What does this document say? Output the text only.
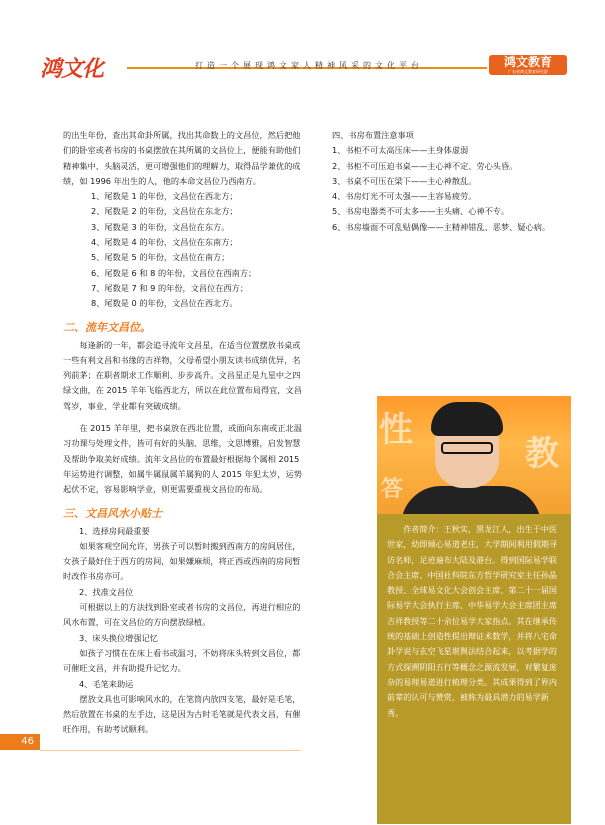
鸿文化	打造一个展现鸿文家人精神风采的文化平台	鸿文教育
广东省鸿文教育研究院

的出生年份，查出其命卦所属，找出其命数上的文昌位，然后把他们的卧室或者书房的书桌摆放在其所属的文昌位上，便能有助他们精神集中、头脑灵活，更可增强他们的理解力，取得品学兼优的成绩，如 1996 年出生的人，他的本命文昌位乃西南方。

1、尾数是 1 的年份，文昌位在西北方；

2、尾数是 2 的年份，文昌位在东北方；

3、尾数是 3 的年份，文昌位在东方。

4、尾数是 4 的年份，文昌位在东南方；

5、尾数是 5 的年份，文昌位在南方；

6、尾数是 6 和 8 的年份，文昌位在西南方；

7、尾数是 7 和 9 的年份，文昌位在西方；

8、尾数是 0 的年份，文昌位在西北方。

二、流年文昌位。

每逢新的一年，都会追寻流年文昌星，在适当位置摆放书桌或一些有利文昌和书缘的吉祥物，父母希望小朋友读书成绩优异，名列前茅；在职者期求工作顺利、步步高升。文昌星正是九星中之四绿文曲，在 2015 羊年飞临西北方，所以在此位置布局得宜，文昌驾岁，事业、学业都有突破成绩。

在 2015 羊年里，把书桌放在西北位置，或面向东南或正北温习功课与处理文件，皆可有好的头脑、思维，文思博雅，启发智慧及帮助争取美好成绩。流年文昌位的布置最好根据每个属相 2015 年运势进行调整，如属牛属鼠属羊属狗的人 2015 年犯太岁，运势起伏不定，容易影响学业，则更需要重视文昌位的布局。

三、文昌风水小贴士

1、选择房间最重要

如果客观空间允许，男孩子可以暂时搬到西南方的房间居住，女孩子最好住于西方的房间，如果嫌麻烦，将正西或西南的房间暂时改作书房亦可。

2、找准文昌位

可根据以上的方法找到卧室或者书房的文昌位，再进行相应的风水布置，可在文昌位的方向摆放绿植。

3、床头换位增强记忆

如孩子习惯在在床上看书或温习，不妨将床头转到文昌位，都可催旺文昌，并有助提升记忆力。

4、毛笔来助运

摆放文具也可影响风水的，在笔筒内放四支笔，最好是毛笔，然后放置在书桌的左手边，这是因为古时毛笔就是代表文昌，有催旺作用，有助考试顺利。

四、书房布置注意事项

1、书柜不可太高压床——主身体虚弱

2、书柜不可压迫书桌——主心神不定、劳心头昏。

3、书桌不可压在梁下——主心神散乱。

4、书房灯光不可太强——主容易疲劳。

5、书房电器类不可太多——主头痛、心神不专。

6、书房墙面不可乱贴偶像——主精神错乱、恶梦、疑心病。

性
教
答

作者简介：王秋实，黑龙江人，出生于中医世家，幼即倾心易道老庄，大学期间利用假期寻访名师，足迹遍布大陆及港台。得到国际易学联合会主席、中国社科院东方哲学研究室主任孙晶教授、全球易文化大会创会主席、第二十一届国际易学大会执行主席、中华易学大会主席团主席吉祥教授等二十余位易学大家指点。其在继承传统的基础上创造性提出辩证术数学，并将八宅命卦学说与玄空飞星堪舆法结合起来，以考据学的方式探溯阴阳五行等概念之源流发展，对繁复庞杂的易理易道进行梳理分类。其成果得到了界内前辈的认可与赞赏，被称为最具潜力的易学新秀。

46
